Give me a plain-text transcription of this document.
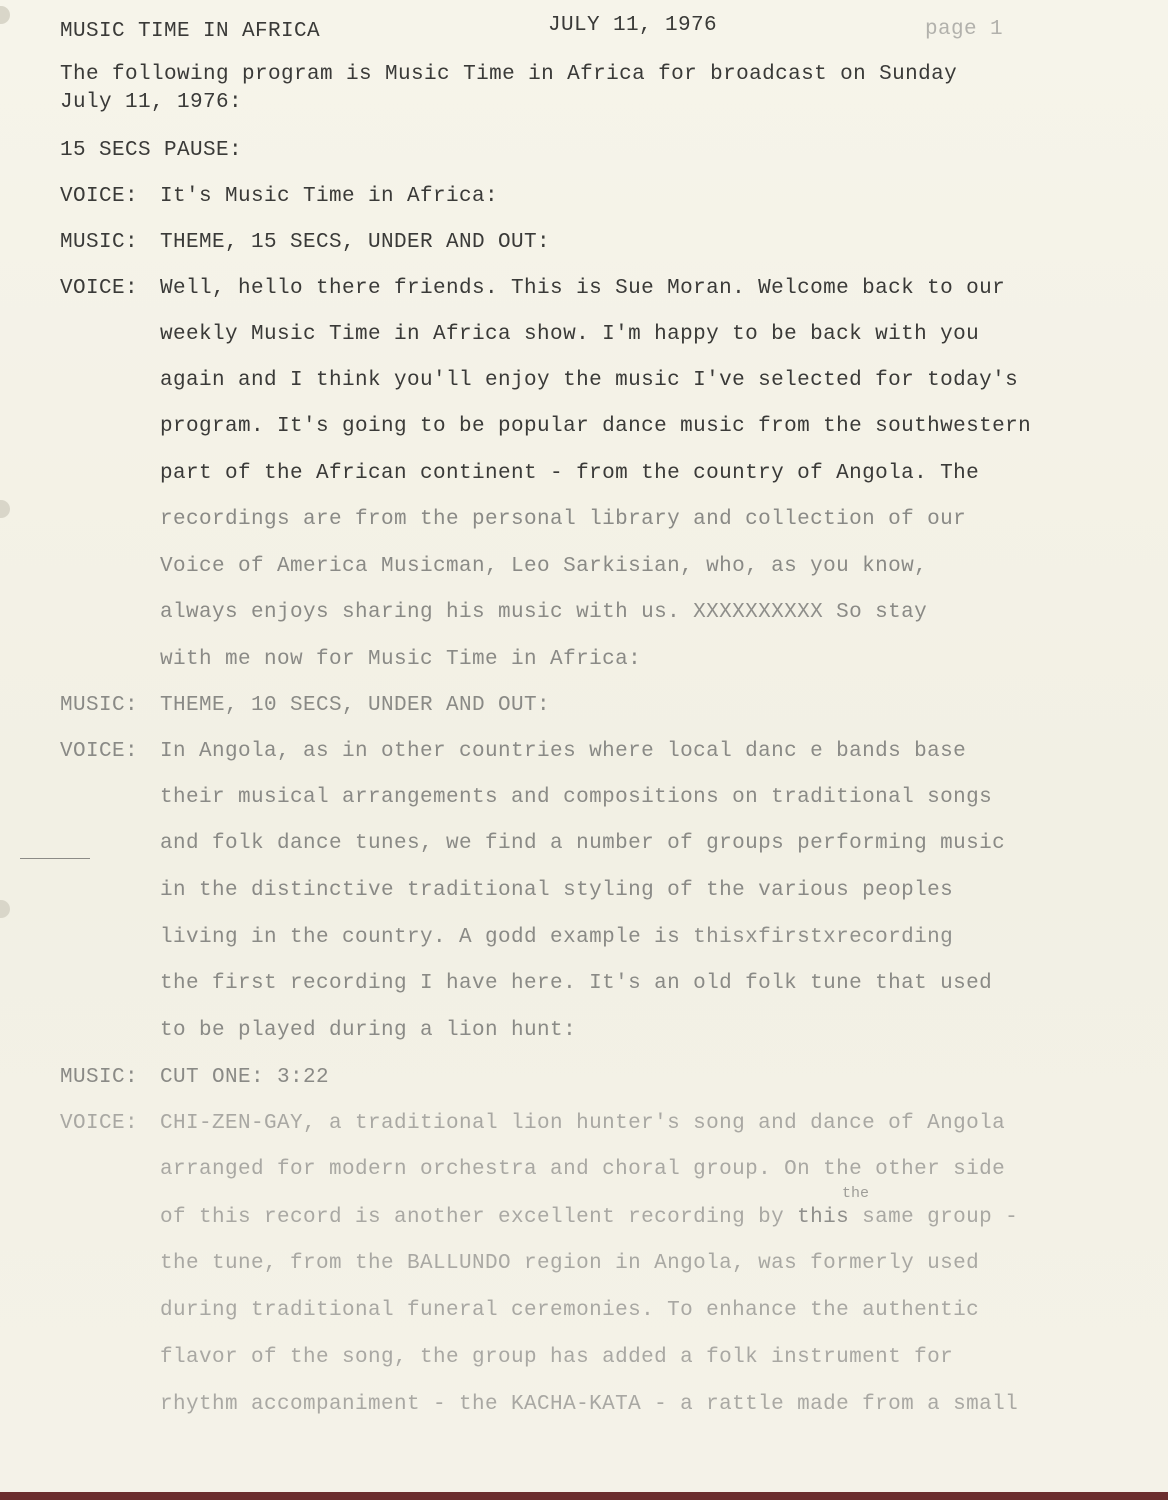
MUSIC TIME IN AFRICA	JULY 11, 1976	page 1
The following program is Music Time in Africa for broadcast on Sunday
July 11, 1976:
15 SECS PAUSE:
VOICE: It's Music Time in Africa:
MUSIC: THEME, 15 SECS, UNDER AND OUT:
VOICE: Well, hello there friends. This is Sue Moran. Welcome back to our
weekly Music Time in Africa show. I'm happy to be back with you
again and I think you'll enjoy the music I've selected for today's
program. It's going to be popular dance music from the southwestern
part of the African continent - from the country of Angola. The
recordings are from the personal library and collection of our
Voice of America Musicman, Leo Sarkisian, who, as you know,
always enjoys sharing his music with us. XXXXXXXXXX So stay
with me now for Music Time in Africa:
MUSIC: THEME, 10 SECS, UNDER AND OUT:
VOICE: In Angola, as in other countries where local danc e bands base
their musical arrangements and compositions on traditional songs
and folk dance tunes, we find a number of groups performing music
in the distinctive traditional styling of the various peoples
living in the country. A godd example is thisxfirstxrecording
the first recording I have here. It's an old folk tune that used
to be played during a lion hunt:
MUSIC: CUT ONE: 3:22
VOICE: CHI-ZEN-GAY, a traditional lion hunter's song and dance of Angola
arranged for modern orchestra and choral group. On the other side
the
of this record is another excellent recording by this same group -
the tune, from the BALLUNDO region in Angola, was formerly used
during traditional funeral ceremonies. To enhance the authentic
flavor of the song, the group has added a folk instrument for
rhythm accompaniment - the KACHA-KATA - a rattle made from a small
